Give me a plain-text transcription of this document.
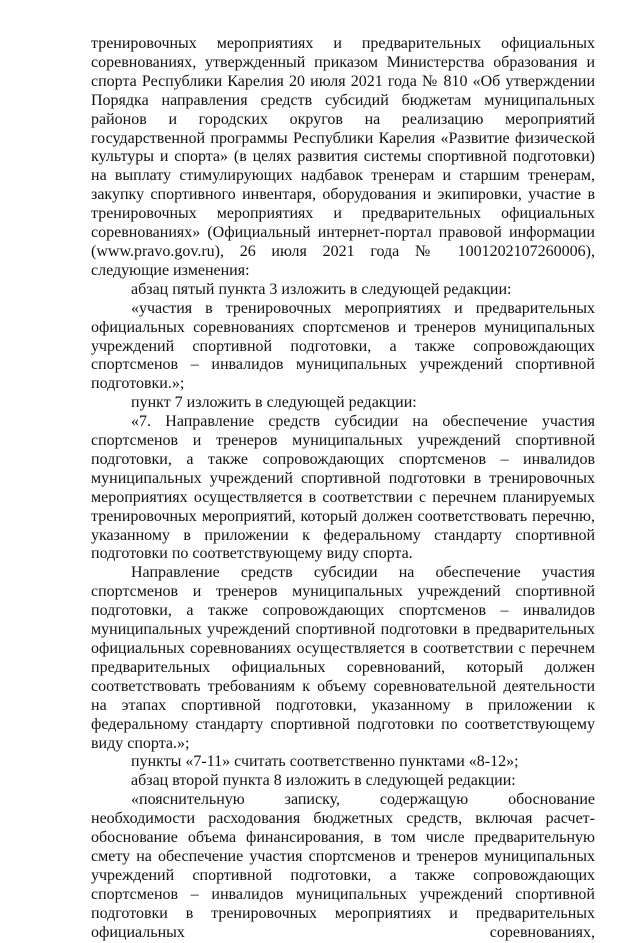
тренировочных мероприятиях и предварительных официальных соревнованиях, утвержденный приказом Министерства образования и спорта Республики Карелия 20 июля 2021 года № 810 «Об утверждении Порядка направления средств субсидий бюджетам муниципальных районов и городских округов на реализацию мероприятий государственной программы Республики Карелия «Развитие физической культуры и спорта» (в целях развития системы спортивной подготовки) на выплату стимулирующих надбавок тренерам и старшим тренерам, закупку спортивного инвентаря, оборудования и экипировки, участие в тренировочных мероприятиях и предварительных официальных соревнованиях» (Официальный интернет-портал правовой информации (www.pravo.gov.ru), 26 июля 2021 года № 1001202107260006), следующие изменения:

абзац пятый пункта 3 изложить в следующей редакции:

«участия в тренировочных мероприятиях и предварительных официальных соревнованиях спортсменов и тренеров муниципальных учреждений спортивной подготовки, а также сопровождающих спортсменов – инвалидов муниципальных учреждений спортивной подготовки.»;

пункт 7 изложить в следующей редакции:

«7. Направление средств субсидии на обеспечение участия спортсменов и тренеров муниципальных учреждений спортивной подготовки, а также сопровождающих спортсменов – инвалидов муниципальных учреждений спортивной подготовки в тренировочных мероприятиях осуществляется в соответствии с перечнем планируемых тренировочных мероприятий, который должен соответствовать перечню, указанному в приложении к федеральному стандарту спортивной подготовки по соответствующему виду спорта.

Направление средств субсидии на обеспечение участия спортсменов и тренеров муниципальных учреждений спортивной подготовки, а также сопровождающих спортсменов – инвалидов муниципальных учреждений спортивной подготовки в предварительных официальных соревнованиях осуществляется в соответствии с перечнем предварительных официальных соревнований, который должен соответствовать требованиям к объему соревновательной деятельности на этапах спортивной подготовки, указанному в приложении к федеральному стандарту спортивной подготовки по соответствующему виду спорта.»;

пункты «7-11» считать соответственно пунктами «8-12»;

абзац второй пункта 8 изложить в следующей редакции:

«пояснительную записку, содержащую обоснование необходимости расходования бюджетных средств, включая расчет-обоснование объема финансирования, в том числе предварительную смету на обеспечение участия спортсменов и тренеров муниципальных учреждений спортивной подготовки, а также сопровождающих спортсменов – инвалидов муниципальных учреждений спортивной подготовки в тренировочных мероприятиях и предварительных официальных соревнованиях,
